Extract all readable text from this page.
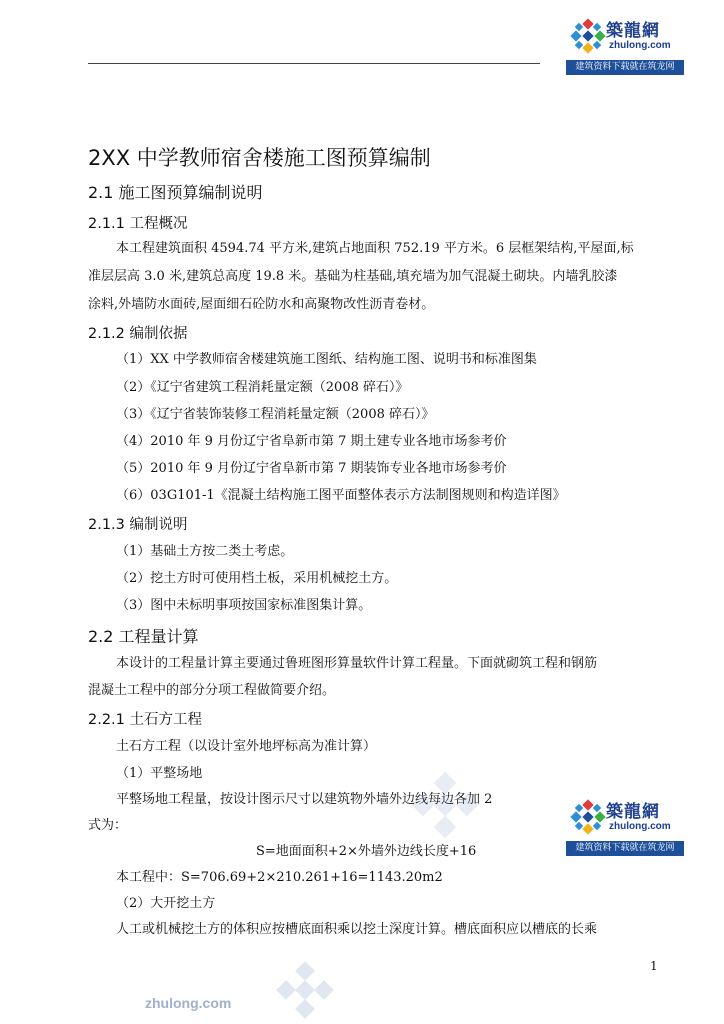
築龍網
zhulong.com
建筑资料下载就在筑龙网
2XX 中学教师宿舍楼施工图预算编制
2.1 施工图预算编制说明
2.1.1 工程概况
本工程建筑面积 4594.74 平方米,建筑占地面积 752.19 平方米。6 层框架结构,平屋面,标
准层层高 3.0 米,建筑总高度 19.8 米。基础为柱基础,填充墙为加气混凝土砌块。内墙乳胶漆
涂料,外墙防水面砖,屋面细石砼防水和高聚物改性沥青卷材。
2.1.2 编制依据
（1）XX 中学教师宿舍楼建筑施工图纸、结构施工图、说明书和标准图集
（2）《辽宁省建筑工程消耗量定额（2008 碎石）》
（3）《辽宁省装饰装修工程消耗量定额（2008 碎石）》
（4）2010 年 9 月份辽宁省阜新市第 7 期土建专业各地市场参考价
（5）2010 年 9 月份辽宁省阜新市第 7 期装饰专业各地市场参考价
（6）03G101-1《混凝土结构施工图平面整体表示方法制图规则和构造详图》
2.1.3 编制说明
（1）基础土方按二类土考虑。
（2）挖土方时可使用档土板，采用机械挖土方。
（3）图中未标明事项按国家标准图集计算。
2.2 工程量计算
本设计的工程量计算主要通过鲁班图形算量软件计算工程量。下面就砌筑工程和钢筋
混凝土工程中的部分分项工程做简要介绍。
2.2.1 土石方工程
土石方工程（以设计室外地坪标高为准计算）
（1）平整场地
平整场地工程量，按设计图示尺寸以建筑物外墙外边线每边各加 2
式为：
S=地面面积+2×外墙外边线长度+16
本工程中：S=706.69+2×210.261+16=1143.20m2
（2）大开挖土方
人工或机械挖土方的体积应按槽底面积乘以挖土深度计算。槽底面积应以槽底的长乘
築龍網
zhulong.com
建筑资料下载就在筑龙网
1
zhulong.com
